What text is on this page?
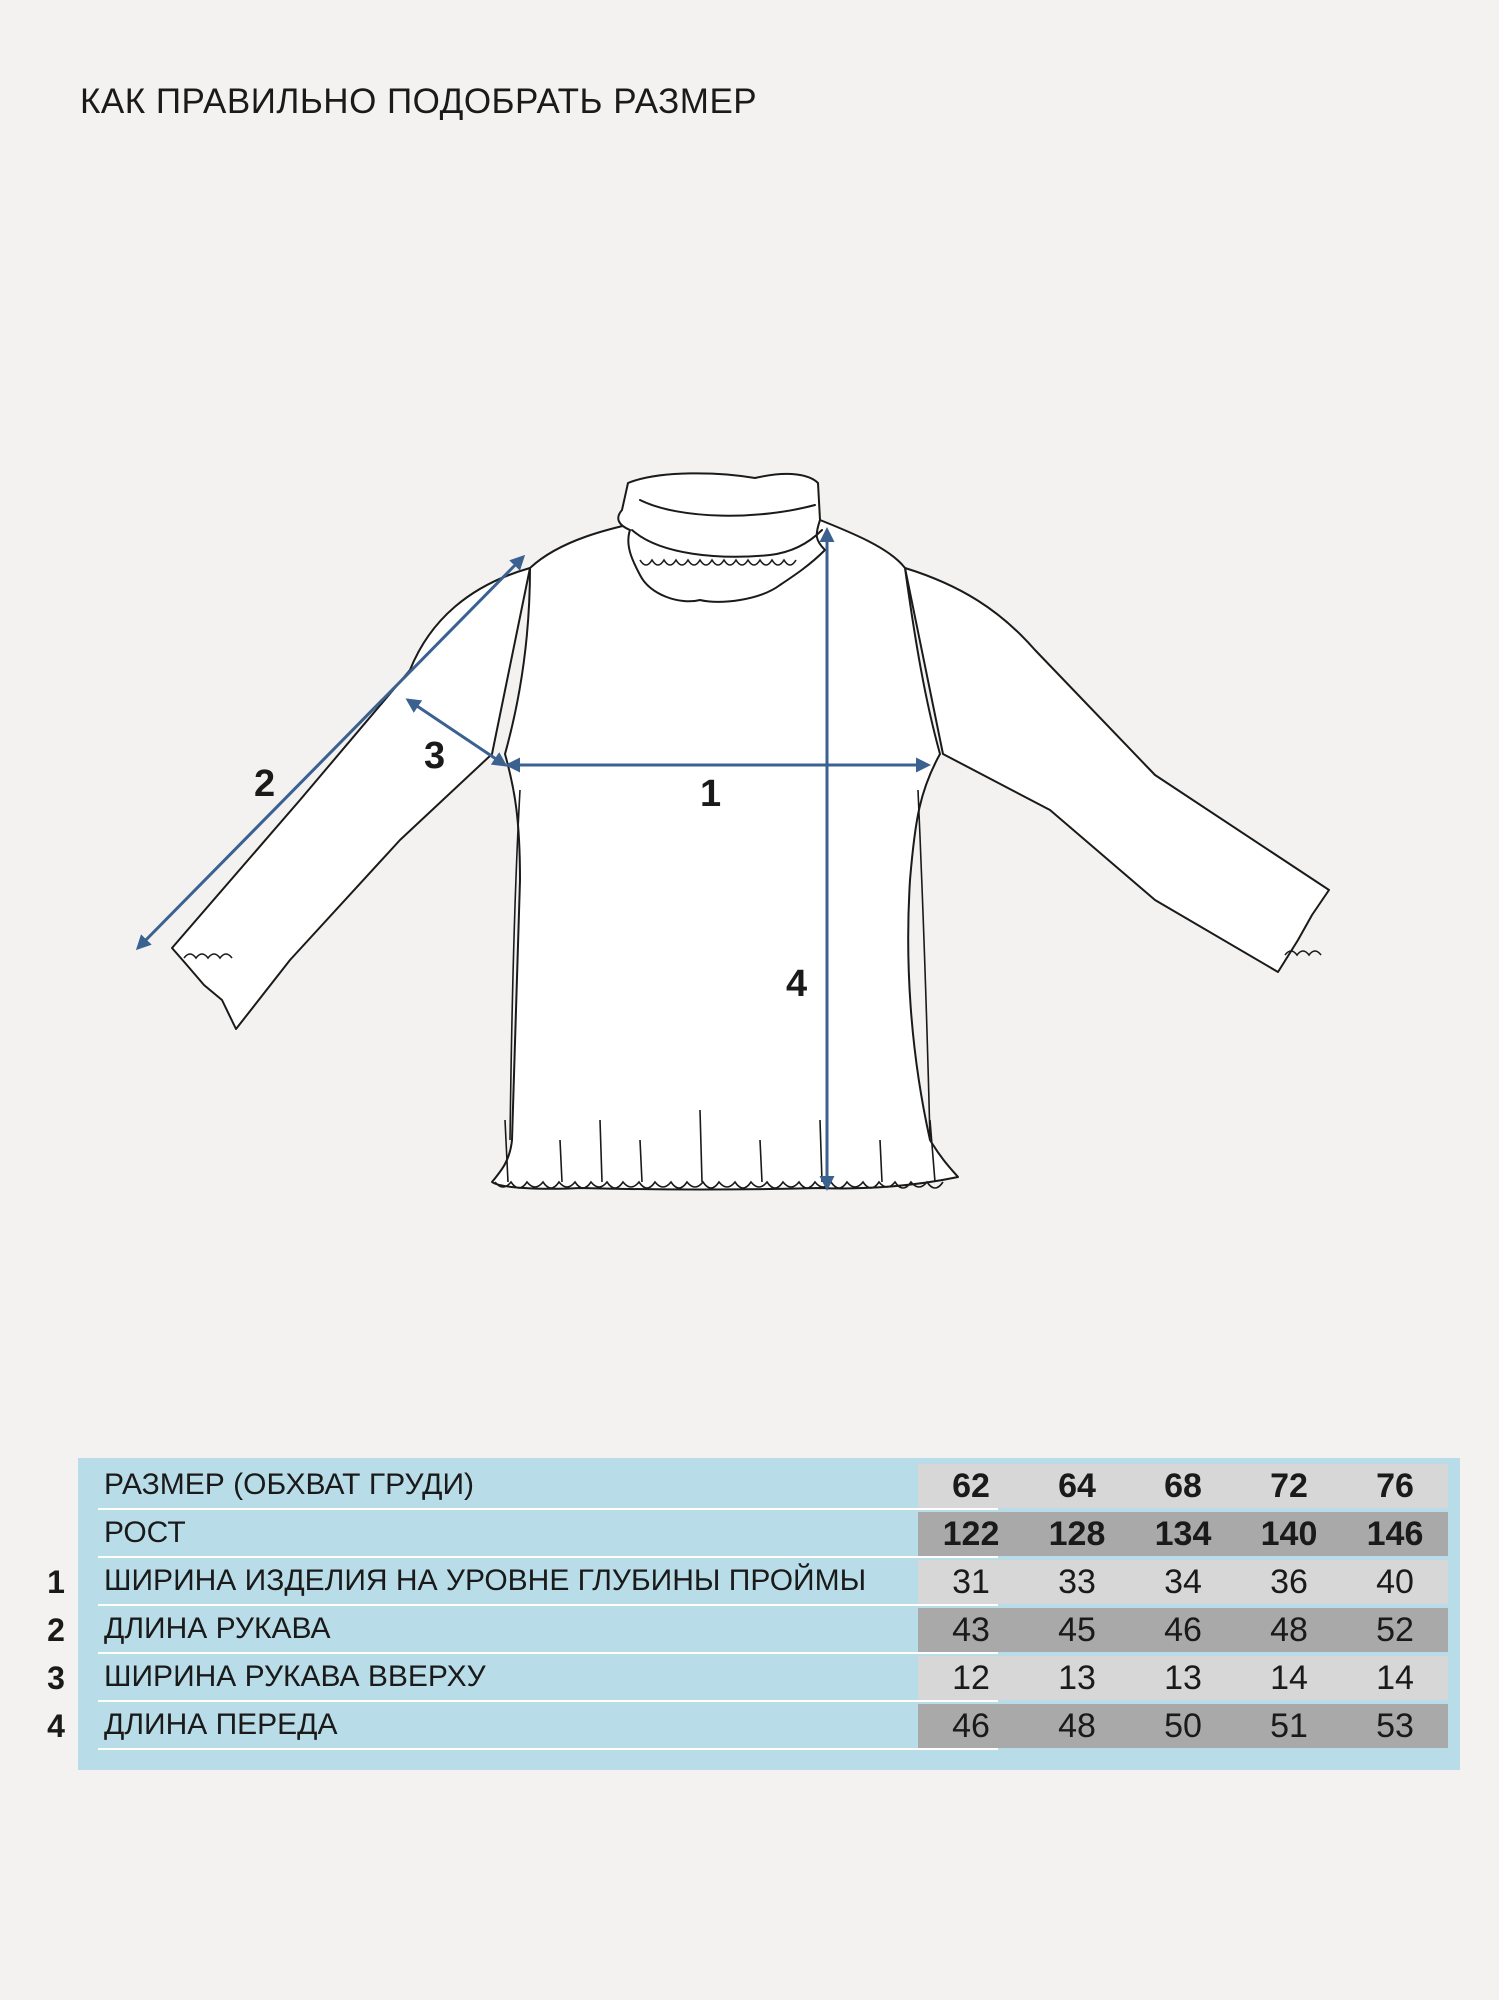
КАК ПРАВИЛЬНО ПОДОБРАТЬ РАЗМЕР
1
2
3
4
РАЗМЕР (ОБХВАТ ГРУДИ)	62	64	68	72	76
РОСТ	122	128	134	140	146
ШИРИНА ИЗДЕЛИЯ НА УРОВНЕ ГЛУБИНЫ ПРОЙМЫ	31	33	34	36	40
ДЛИНА РУКАВА	43	45	46	48	52
ШИРИНА РУКАВА ВВЕРХУ	12	13	13	14	14
ДЛИНА ПЕРЕДА	46	48	50	51	53
1
2
3
4
